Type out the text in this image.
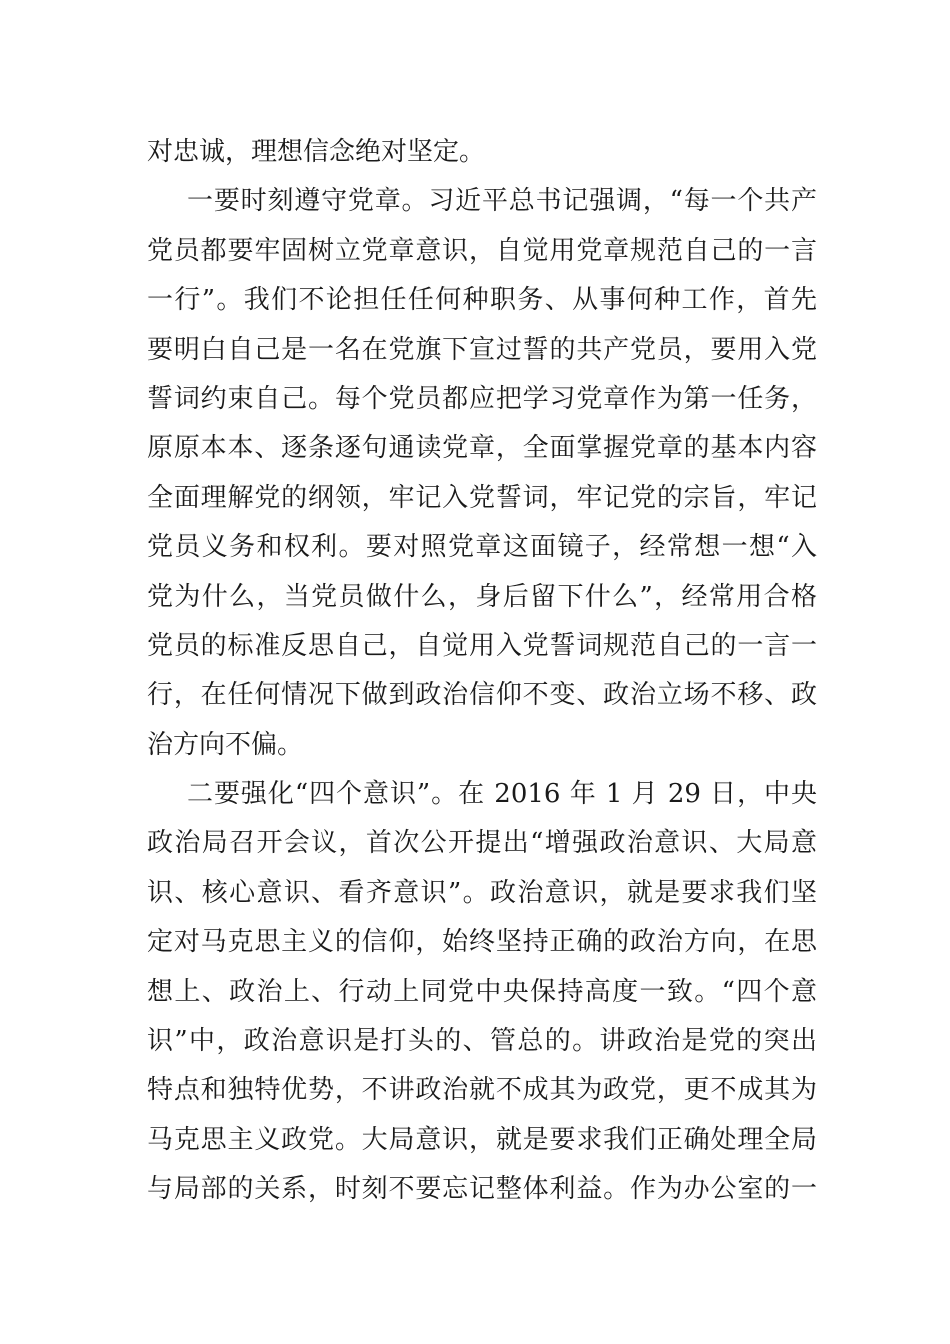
对忠诚，理想信念绝对坚定。
一要时刻遵守党章。习近平总书记强调，“每一个共产
党员都要牢固树立党章意识，自觉用党章规范自己的一言
一行”。我们不论担任任何种职务、从事何种工作，首先
要明白自己是一名在党旗下宣过誓的共产党员，要用入党
誓词约束自己。每个党员都应把学习党章作为第一任务，
原原本本、逐条逐句通读党章，全面掌握党章的基本内容
全面理解党的纲领，牢记入党誓词，牢记党的宗旨，牢记
党员义务和权利。要对照党章这面镜子，经常想一想“入
党为什么，当党员做什么，身后留下什么”，经常用合格
党员的标准反思自己，自觉用入党誓词规范自己的一言一
行，在任何情况下做到政治信仰不变、政治立场不移、政
治方向不偏。
二要强化“四个意识”。在 2016 年 1 月 29 日，中央
政治局召开会议，首次公开提出“增强政治意识、大局意
识、核心意识、看齐意识”。政治意识，就是要求我们坚
定对马克思主义的信仰，始终坚持正确的政治方向，在思
想上、政治上、行动上同党中央保持高度一致。“四个意
识”中，政治意识是打头的、管总的。讲政治是党的突出
特点和独特优势，不讲政治就不成其为政党，更不成其为
马克思主义政党。大局意识，就是要求我们正确处理全局
与局部的关系，时刻不要忘记整体利益。作为办公室的一
